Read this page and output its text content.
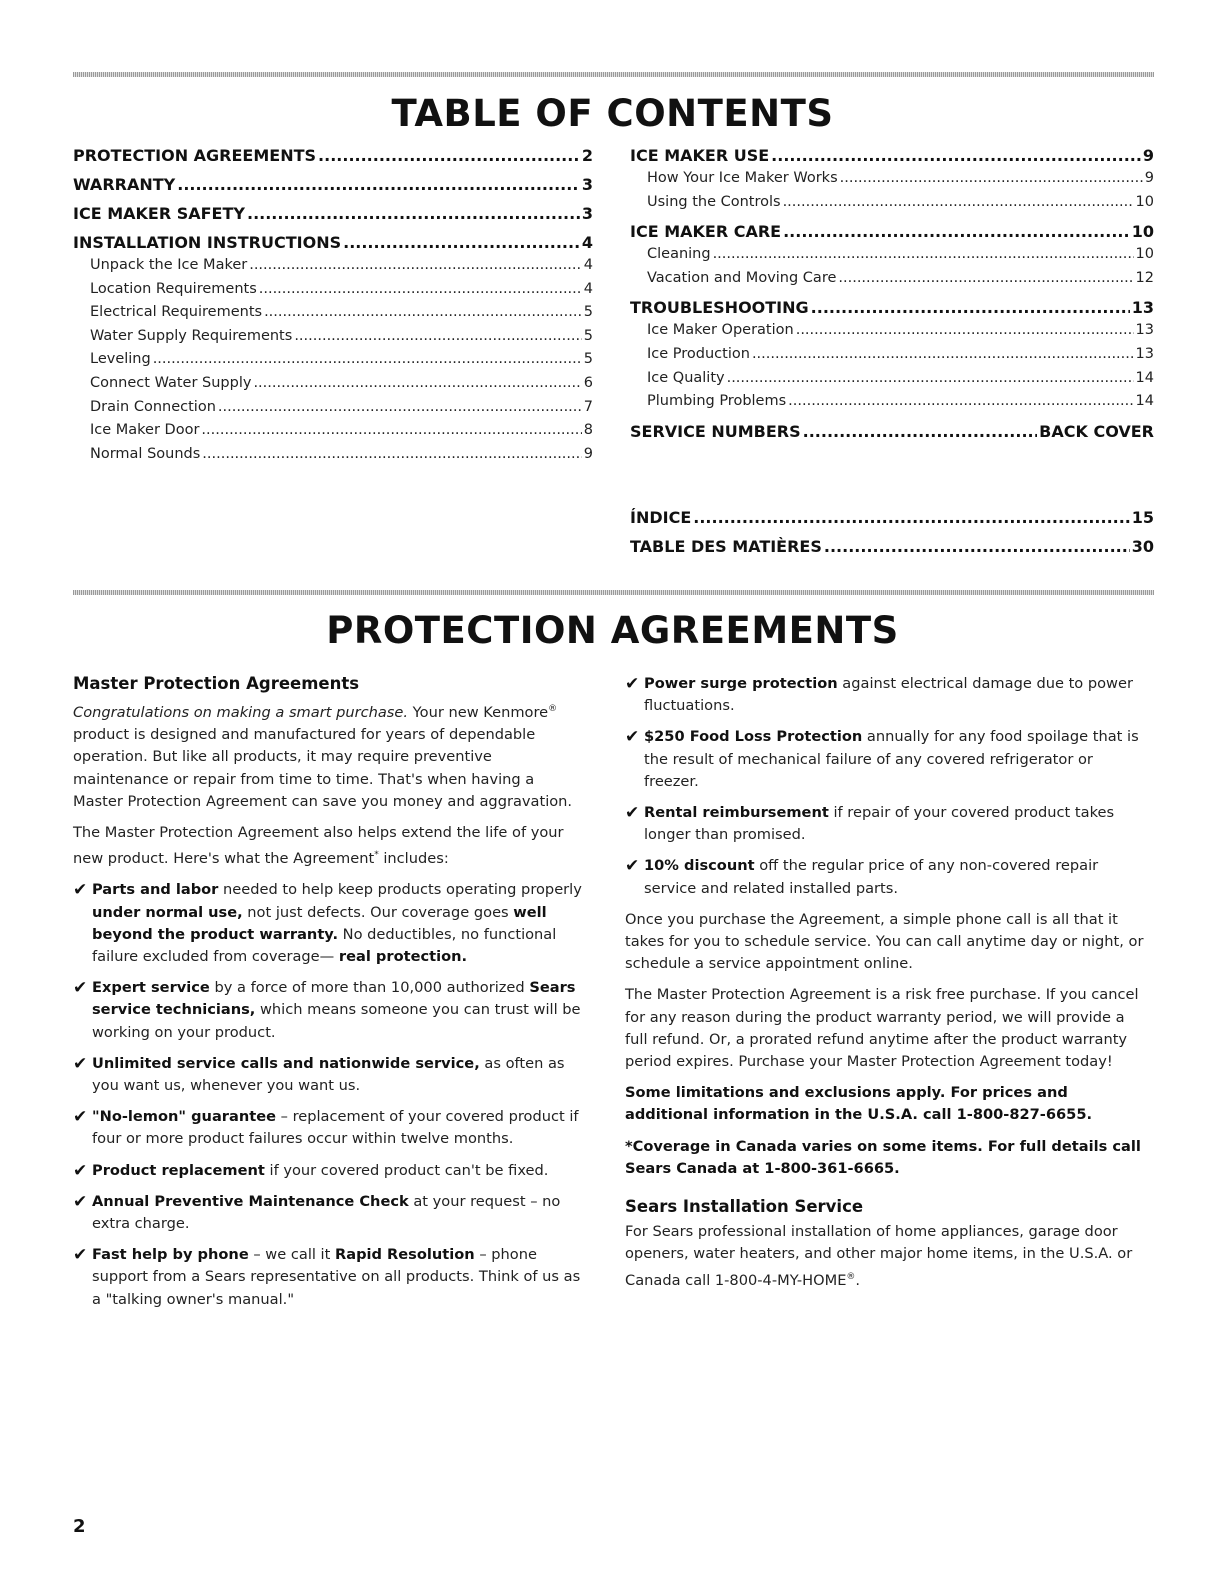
TABLE OF CONTENTS
PROTECTION AGREEMENTS .....	2
WARRANTY .....	3
ICE MAKER SAFETY .....	3
INSTALLATION INSTRUCTIONS .....	4
Unpack the Ice Maker .....	4
Location Requirements .....	4
Electrical Requirements .....	5
Water Supply Requirements .....	5
Leveling .....	5
Connect Water Supply .....	6
Drain Connection .....	7
Ice Maker Door .....	8
Normal Sounds .....	9
ICE MAKER USE .....	9
How Your Ice Maker Works .....	9
Using the Controls .....	10
ICE MAKER CARE .....	10
Cleaning .....	10
Vacation and Moving Care .....	12
TROUBLESHOOTING .....	13
Ice Maker Operation .....	13
Ice Production .....	13
Ice Quality .....	14
Plumbing Problems .....	14
SERVICE NUMBERS .....	BACK COVER
ÍNDICE .....	15
TABLE DES MATIÈRES .....	30
PROTECTION AGREEMENTS
Master Protection Agreements

Congratulations on making a smart purchase. Your new Kenmore® product is designed and manufactured for years of dependable operation. But like all products, it may require preventive maintenance or repair from time to time. That's when having a Master Protection Agreement can save you money and aggravation.

The Master Protection Agreement also helps extend the life of your new product. Here's what the Agreement* includes:

✔ Parts and labor needed to help keep products operating properly under normal use, not just defects. Our coverage goes well beyond the product warranty. No deductibles, no functional failure excluded from coverage— real protection.
✔ Expert service by a force of more than 10,000 authorized Sears service technicians, which means someone you can trust will be working on your product.
✔ Unlimited service calls and nationwide service, as often as you want us, whenever you want us.
✔ "No-lemon" guarantee – replacement of your covered product if four or more product failures occur within twelve months.
✔ Product replacement if your covered product can't be fixed.
✔ Annual Preventive Maintenance Check at your request – no extra charge.
✔ Fast help by phone – we call it Rapid Resolution – phone support from a Sears representative on all products. Think of us as a "talking owner's manual."
✔ Power surge protection against electrical damage due to power fluctuations.
✔ $250 Food Loss Protection annually for any food spoilage that is the result of mechanical failure of any covered refrigerator or freezer.
✔ Rental reimbursement if repair of your covered product takes longer than promised.
✔ 10% discount off the regular price of any non-covered repair service and related installed parts.

Once you purchase the Agreement, a simple phone call is all that it takes for you to schedule service. You can call anytime day or night, or schedule a service appointment online.

The Master Protection Agreement is a risk free purchase. If you cancel for any reason during the product warranty period, we will provide a full refund. Or, a prorated refund anytime after the product warranty period expires. Purchase your Master Protection Agreement today!

Some limitations and exclusions apply. For prices and additional information in the U.S.A. call 1-800-827-6655.

*Coverage in Canada varies on some items. For full details call Sears Canada at 1-800-361-6665.

Sears Installation Service

For Sears professional installation of home appliances, garage door openers, water heaters, and other major home items, in the U.S.A. or Canada call 1-800-4-MY-HOME®.

2
